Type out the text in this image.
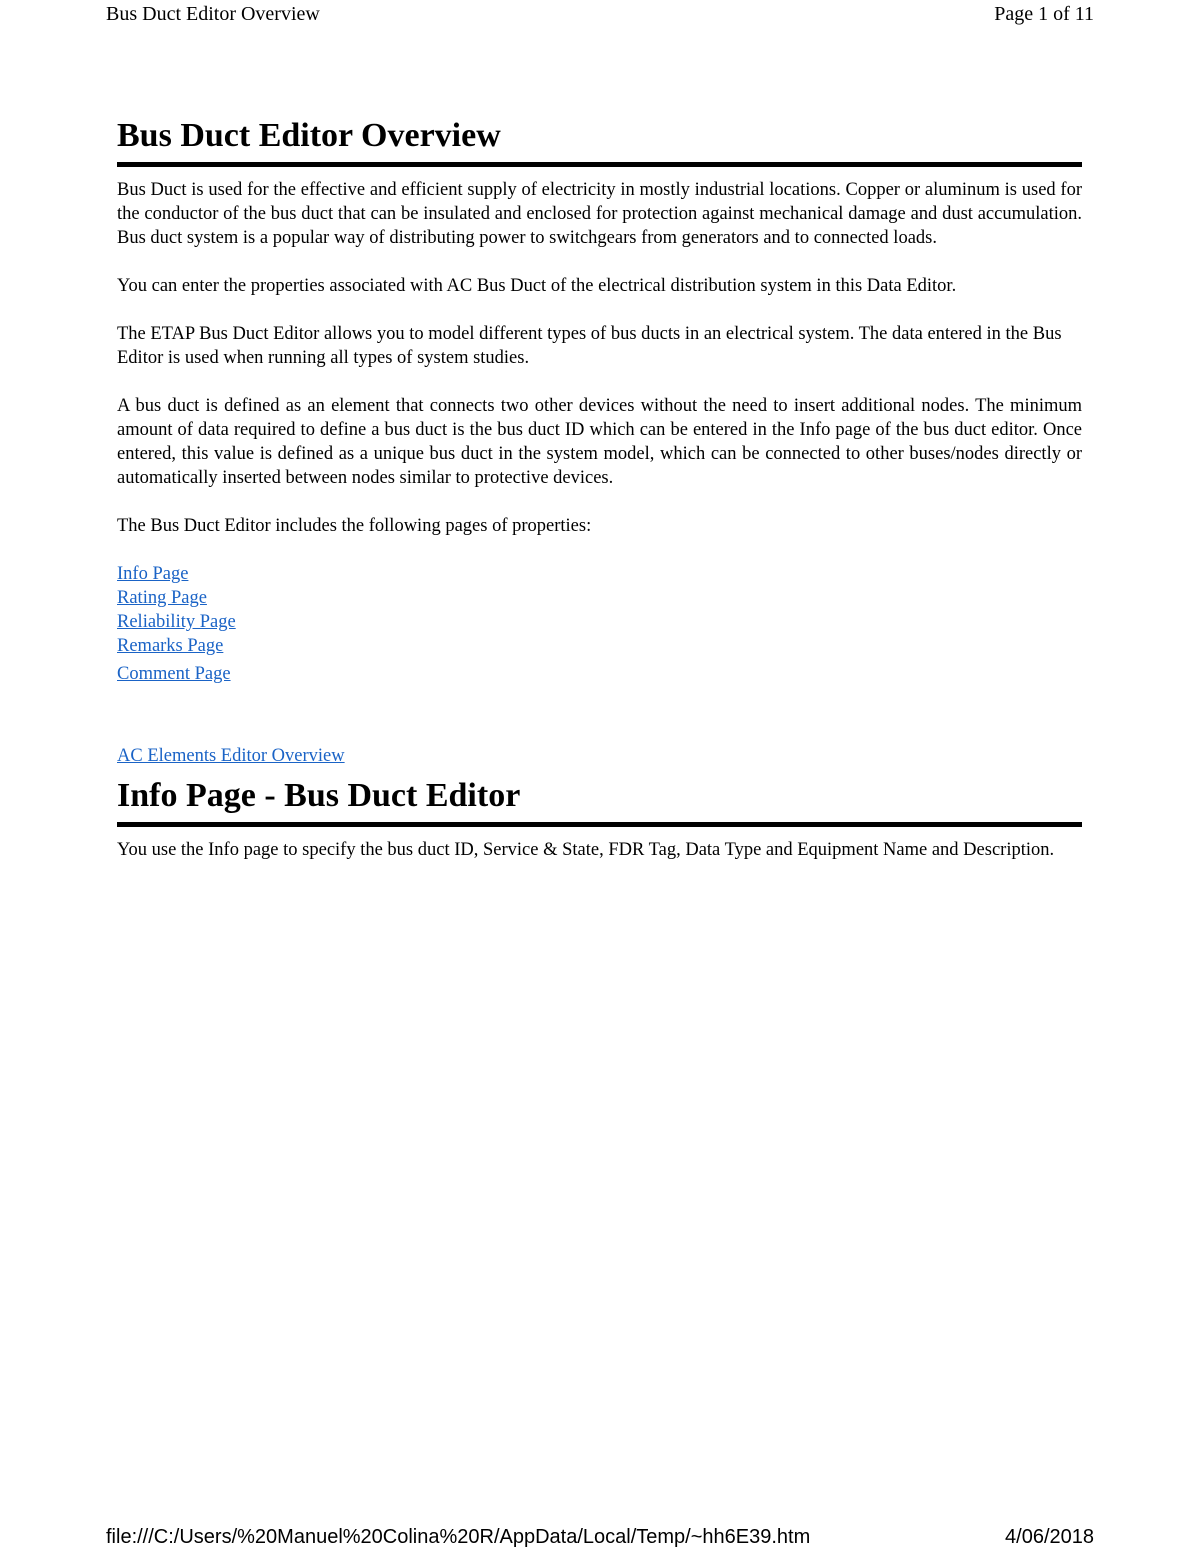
Bus Duct Editor Overview	Page 1 of 11
Bus Duct Editor Overview

Bus Duct is used for the effective and efficient supply of electricity in mostly industrial locations. Copper or aluminum is used for the conductor of the bus duct that can be insulated and enclosed for protection against mechanical damage and dust accumulation. Bus duct system is a popular way of distributing power to switchgears from generators and to connected loads.

You can enter the properties associated with AC Bus Duct of the electrical distribution system in this Data Editor.

The ETAP Bus Duct Editor allows you to model different types of bus ducts in an electrical system. The data entered in the Bus Editor is used when running all types of system studies.

A bus duct is defined as an element that connects two other devices without the need to insert additional nodes. The minimum amount of data required to define a bus duct is the bus duct ID which can be entered in the Info page of the bus duct editor. Once entered, this value is defined as a unique bus duct in the system model, which can be connected to other buses/nodes directly or automatically inserted between nodes similar to protective devices.

The Bus Duct Editor includes the following pages of properties:

Info Page
Rating Page
Reliability Page
Remarks Page
Comment Page
AC Elements Editor Overview
Info Page - Bus Duct Editor

You use the Info page to specify the bus duct ID, Service & State, FDR Tag, Data Type and Equipment Name and Description.

file:///C:/Users/%20Manuel%20Colina%20R/AppData/Local/Temp/~hh6E39.htm	4/06/2018
